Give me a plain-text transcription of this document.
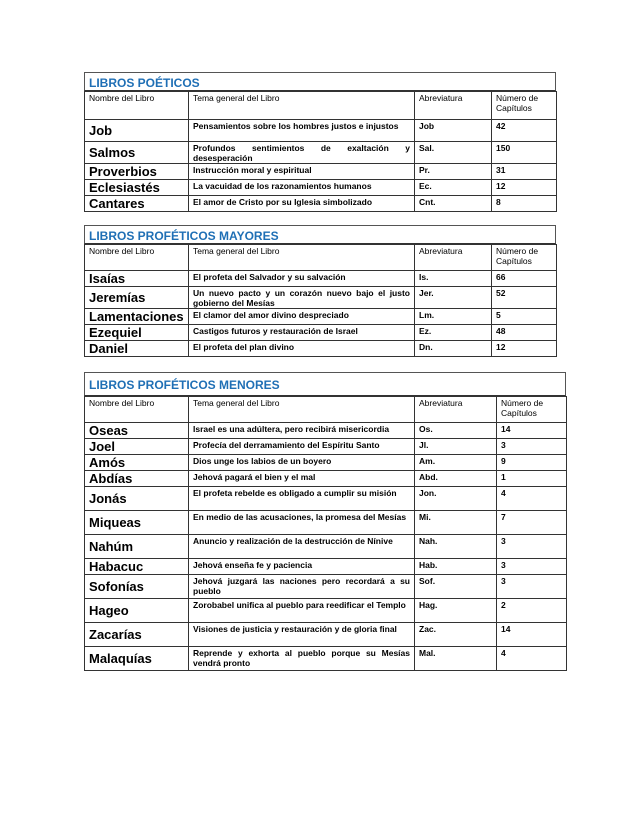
LIBROS POÉTICOS
Nombre del Libro	Tema general del Libro	Abreviatura	Número de Capítulos
Job	Pensamientos sobre los hombres justos e injustos	Job	42
Salmos	Profundos sentimientos de exaltación y desesperación	Sal.	150
Proverbios	Instrucción moral y espiritual	Pr.	31
Eclesiastés	La vacuidad de los razonamientos humanos	Ec.	12
Cantares	El amor de Cristo por su Iglesia simbolizado	Cnt.	8
LIBROS PROFÉTICOS MAYORES
Nombre del Libro	Tema general del Libro	Abreviatura	Número de Capítulos
Isaías	El profeta del Salvador y su salvación	Is.	66
Jeremías	Un nuevo pacto y un corazón nuevo bajo el justo gobierno del Mesías	Jer.	52
Lamentaciones	El clamor del amor divino despreciado	Lm.	5
Ezequiel	Castigos futuros y restauración de Israel	Ez.	48
Daniel	El profeta del plan divino	Dn.	12
LIBROS PROFÉTICOS MENORES
Nombre del Libro	Tema general del Libro	Abreviatura	Número de Capítulos
Oseas	Israel es una adúltera, pero recibirá misericordia	Os.	14
Joel	Profecía del derramamiento del Espíritu Santo	Jl.	3
Amós	Dios unge los labios de un boyero	Am.	9
Abdías	Jehová pagará el bien y el mal	Abd.	1
Jonás	El profeta rebelde es obligado a cumplir su misión	Jon.	4
Miqueas	En medio de las acusaciones, la promesa del Mesías	Mi.	7
Nahúm	Anuncio y realización de la destrucción de Nínive	Nah.	3
Habacuc	Jehová enseña fe y paciencia	Hab.	3
Sofonías	Jehová juzgará las naciones pero recordará a su pueblo	Sof.	3
Hageo	Zorobabel unifica al pueblo para reedificar el Templo	Hag.	2
Zacarías	Visiones de justicia y restauración y de gloria final	Zac.	14
Malaquías	Reprende y exhorta al pueblo porque su Mesías vendrá pronto	Mal.	4
